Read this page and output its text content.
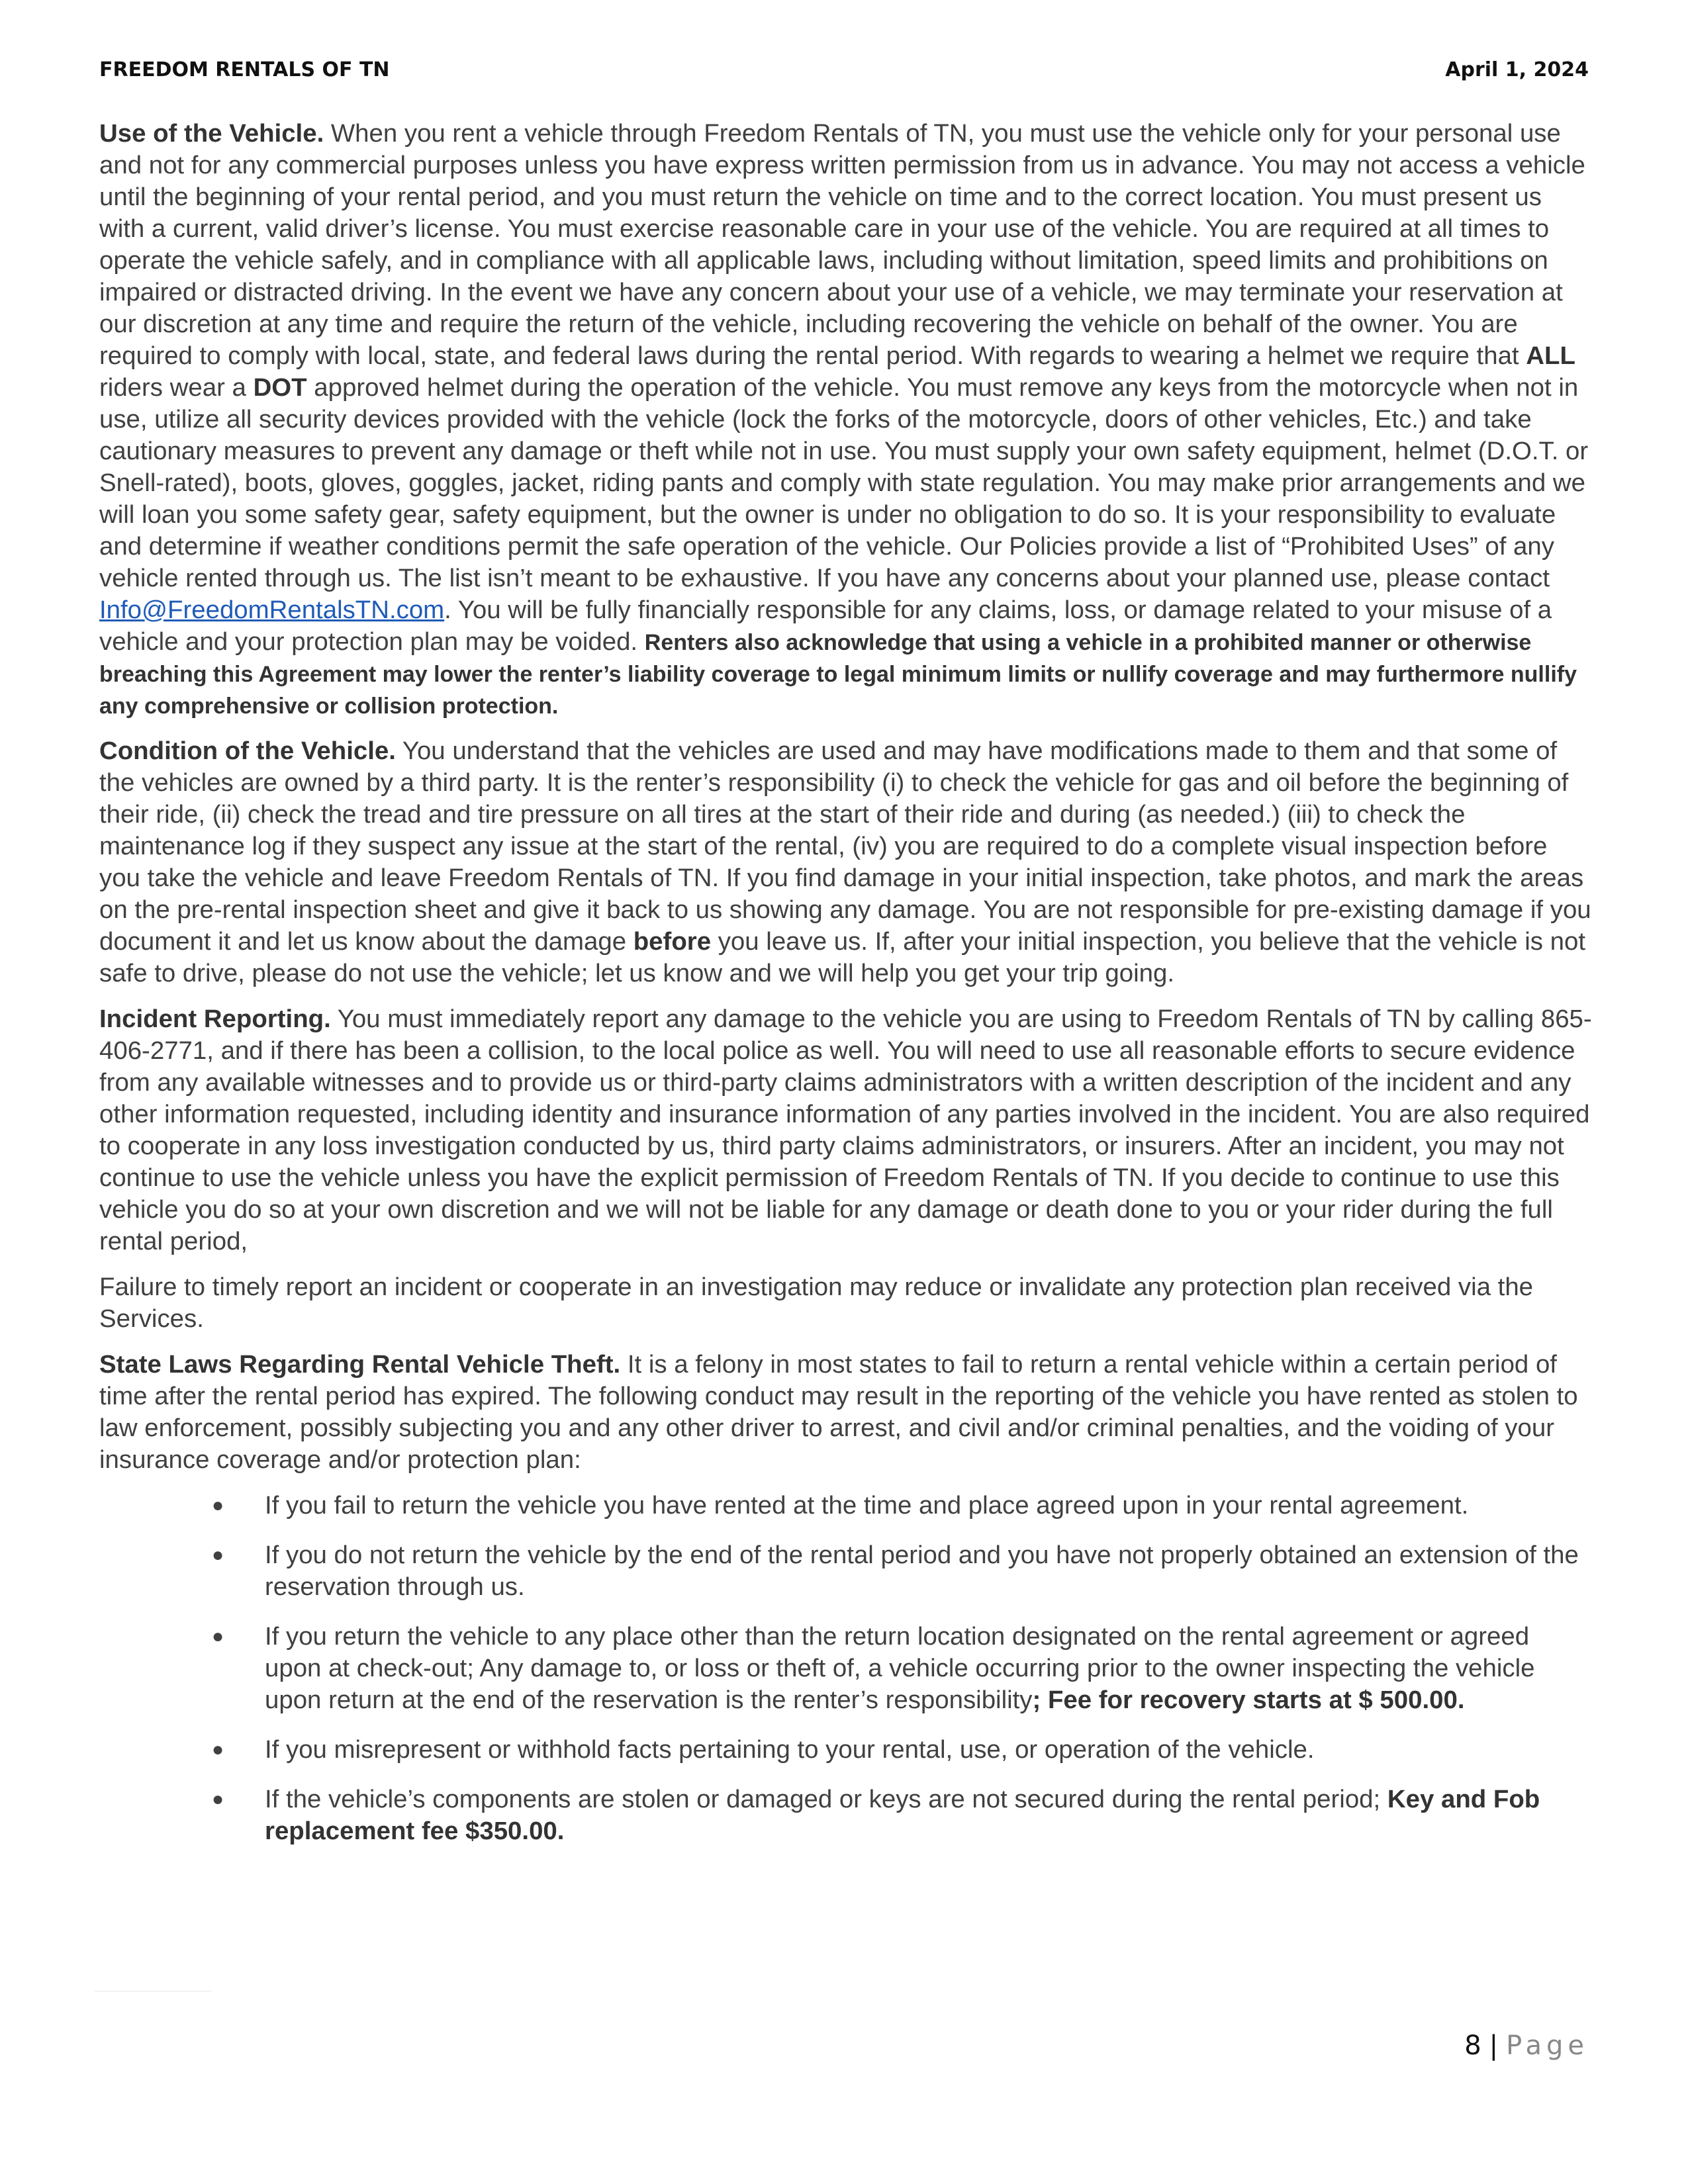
FREEDOM RENTALS OF TN	April 1, 2024

Use of the Vehicle. When you rent a vehicle through Freedom Rentals of TN, you must use the vehicle only for your personal use and not for any commercial purposes unless you have express written permission from us in advance. You may not access a vehicle until the beginning of your rental period, and you must return the vehicle on time and to the correct location. You must present us with a current, valid driver’s license. You must exercise reasonable care in your use of the vehicle. You are required at all times to operate the vehicle safely, and in compliance with all applicable laws, including without limitation, speed limits and prohibitions on impaired or distracted driving. In the event we have any concern about your use of a vehicle, we may terminate your reservation at our discretion at any time and require the return of the vehicle, including recovering the vehicle on behalf of the owner. You are required to comply with local, state, and federal laws during the rental period. With regards to wearing a helmet we require that ALL riders wear a DOT approved helmet during the operation of the vehicle. You must remove any keys from the motorcycle when not in use, utilize all security devices provided with the vehicle (lock the forks of the motorcycle, doors of other vehicles, Etc.) and take cautionary measures to prevent any damage or theft while not in use. You must supply your own safety equipment, helmet (D.O.T. or Snell-rated), boots, gloves, goggles, jacket, riding pants and comply with state regulation. You may make prior arrangements and we will loan you some safety gear, safety equipment, but the owner is under no obligation to do so. It is your responsibility to evaluate and determine if weather conditions permit the safe operation of the vehicle. Our Policies provide a list of “Prohibited Uses” of any vehicle rented through us. The list isn’t meant to be exhaustive. If you have any concerns about your planned use, please contact Info@FreedomRentalsTN.com. You will be fully financially responsible for any claims, loss, or damage related to your misuse of a vehicle and your protection plan may be voided. Renters also acknowledge that using a vehicle in a prohibited manner or otherwise breaching this Agreement may lower the renter’s liability coverage to legal minimum limits or nullify coverage and may furthermore nullify any comprehensive or collision protection.

Condition of the Vehicle. You understand that the vehicles are used and may have modifications made to them and that some of the vehicles are owned by a third party. It is the renter’s responsibility (i) to check the vehicle for gas and oil before the beginning of their ride, (ii) check the tread and tire pressure on all tires at the start of their ride and during (as needed.) (iii) to check the maintenance log if they suspect any issue at the start of the rental, (iv) you are required to do a complete visual inspection before you take the vehicle and leave Freedom Rentals of TN. If you find damage in your initial inspection, take photos, and mark the areas on the pre-rental inspection sheet and give it back to us showing any damage. You are not responsible for pre-existing damage if you document it and let us know about the damage before you leave us. If, after your initial inspection, you believe that the vehicle is not safe to drive, please do not use the vehicle; let us know and we will help you get your trip going.

Incident Reporting. You must immediately report any damage to the vehicle you are using to Freedom Rentals of TN by calling 865-406-2771, and if there has been a collision, to the local police as well. You will need to use all reasonable efforts to secure evidence from any available witnesses and to provide us or third-party claims administrators with a written description of the incident and any other information requested, including identity and insurance information of any parties involved in the incident. You are also required to cooperate in any loss investigation conducted by us, third party claims administrators, or insurers. After an incident, you may not continue to use the vehicle unless you have the explicit permission of Freedom Rentals of TN. If you decide to continue to use this vehicle you do so at your own discretion and we will not be liable for any damage or death done to you or your rider during the full rental period,

Failure to timely report an incident or cooperate in an investigation may reduce or invalidate any protection plan received via the Services.

State Laws Regarding Rental Vehicle Theft. It is a felony in most states to fail to return a rental vehicle within a certain period of time after the rental period has expired. The following conduct may result in the reporting of the vehicle you have rented as stolen to law enforcement, possibly subjecting you and any other driver to arrest, and civil and/or criminal penalties, and the voiding of your insurance coverage and/or protection plan:

● If you fail to return the vehicle you have rented at the time and place agreed upon in your rental agreement.
● If you do not return the vehicle by the end of the rental period and you have not properly obtained an extension of the reservation through us.
● If you return the vehicle to any place other than the return location designated on the rental agreement or agreed upon at check-out; Any damage to, or loss or theft of, a vehicle occurring prior to the owner inspecting the vehicle upon return at the end of the reservation is the renter’s responsibility; Fee for recovery starts at $ 500.00.
● If you misrepresent or withhold facts pertaining to your rental, use, or operation of the vehicle.
● If the vehicle’s components are stolen or damaged or keys are not secured during the rental period; Key and Fob replacement fee $350.00.
8 | Page
